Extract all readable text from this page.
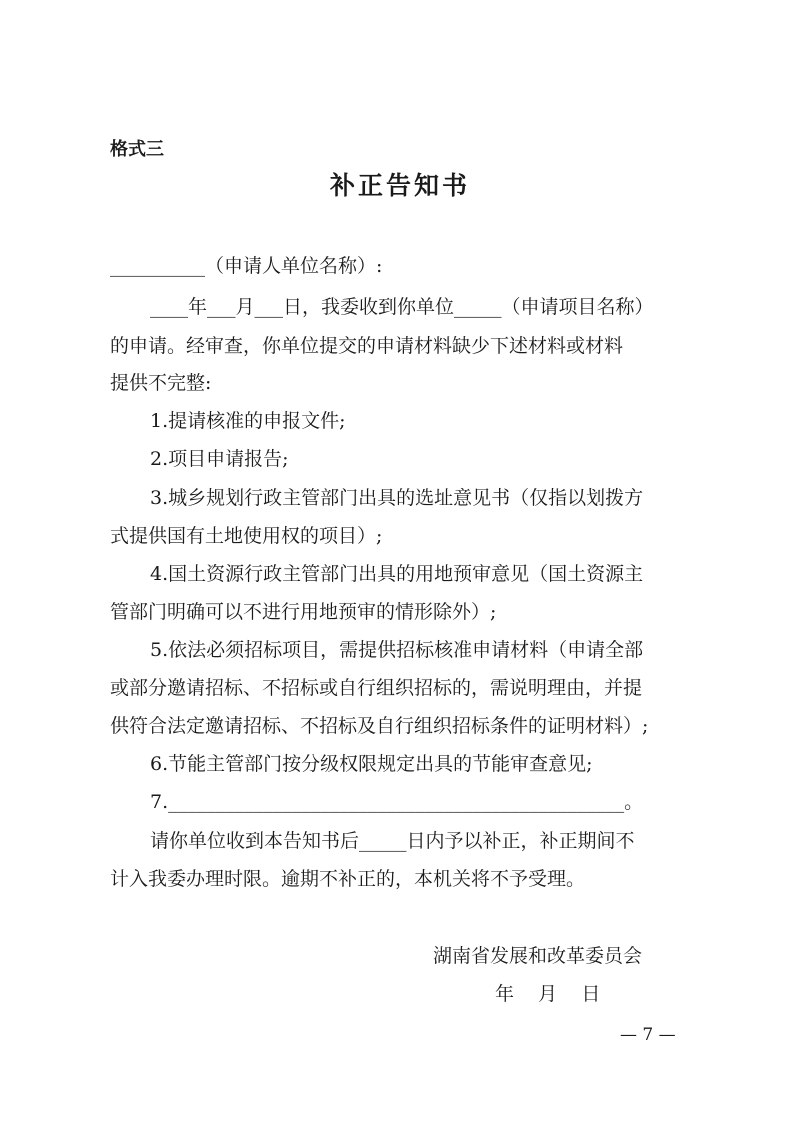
格式三
补正告知书
__________（申请人单位名称）:
____年___月___日，我委收到你单位_____（申请项目名称）
的申请。经审查，你单位提交的申请材料缺少下述材料或材料
提供不完整:
1.提请核准的申报文件;
2.项目申请报告;
3.城乡规划行政主管部门出具的选址意见书（仅指以划拨方
式提供国有土地使用权的项目）;
4.国土资源行政主管部门出具的用地预审意见（国土资源主
管部门明确可以不进行用地预审的情形除外）;
5.依法必须招标项目，需提供招标核准申请材料（申请全部
或部分邀请招标、不招标或自行组织招标的，需说明理由，并提
供符合法定邀请招标、不招标及自行组织招标条件的证明材料）;
6.节能主管部门按分级权限规定出具的节能审查意见;
7.________________________________________________。
请你单位收到本告知书后_____日内予以补正，补正期间不
计入我委办理时限。逾期不补正的，本机关将不予受理。
湖南省发展和改革委员会
年    月    日
— 7 —
